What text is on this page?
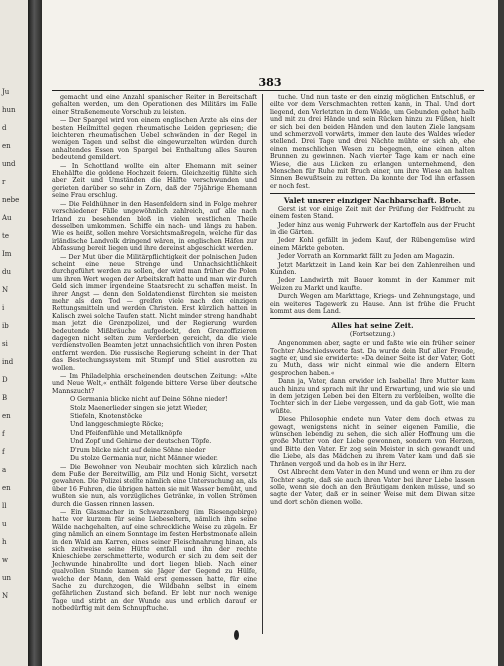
Ju
hun
d
en
und
r
nebe
Au
te
Im
du
N
i
ib
si
ind
D
B
en
f
f
a
en
ll
u
h
w
un
N
383

gemacht und eine Anzahl spanischer Reiter in Bereitschaft gehalten werden, um den Operationen des Militärs im Falle einer Straßenemeute Vorschub zu leisten.

— Der Spargel wird von einem englischen Arzte als eins der besten Heilmittel gegen rheumatische Leiden gepriesen; die leichteren rheumatischen Uebel schwänden in der Regel in wenigen Tagen und selbst die eingewurzelten würden durch anhaltendes Essen von Spargel bei Enthaltung alles Sauren bedeutend gemildert.

— In Schottland wollte ein alter Ehemann mit seiner Ehehälfte die goldene Hochzeit feiern. Gleichzeitig fühlte sich aber Zeit und Umständen die Hälfte verschwunden und gerieten darüber so sehr in Zorn, daß der 75jährige Ehemann seine Frau erschlug.

— Die Feldhühner in den Hasenfeldern sind in Folge mehrer verschiedener Fälle ungewöhnlich zahlreich, auf alle nach Irland zu besehenden bloß in vielen westlichen Theile desselben umkommen. Schiffe ein nach- und längs zu haben. Wie es heißt, sollen mehre Vorsichtsmaßregeln, welche für das irländische Landvolk dringend wären, in englischen Häfen zur Abfassung bereit liegen und ihre dereinst abgeschickt werden.

— Der Mut über die Militärpflichtigkeit der polnischen Juden scheint eine neue Strenge und Unnachsichtlichkeit durchgeführt werden zu sollen, der wird man früher die Polen um ihren Wert wegen der Arbeitskraft hatte und man wir durch Geld sich immer irgendeine Staatsrecht zu schaffen meist. In ihrer Angst — denn den Soldatendienst fürchten sie meisten mehr als den Tod — greifen viele nach den einzigen Rettungsmitteln und werden Christen. Erst kürzlich hatten in Kalisch zwei solche Taufen statt. Nicht minder streng handhabt man jetzt die Grenzpolizei, und der Regierung wurden bedeutende Mißbräuche aufgedeckt, den Grenzoffizieren dagegen nicht selten zum Verderben gereicht, da die viele verdienstvollen Beamten jetzt unnachsichtlich von ihren Posten entfernt werden. Die russische Regierung scheint in der That das Bestechungssystem mit Stumpf und Stiel ausrotten zu wollen.

— Im Philadelphia erscheinenden deutschen Zeitung: »Alte und Neue Welt,« enthält folgende bittere Verse über deutsche Mannszucht?

O Germania blicke nicht auf Deine Söhne nieder!

Stolz Maenerlieder singen sie jetzt Wieder,

Stiefeln, Knotenstöcke

Und langgeschmiegte Röcke;

Und Pfeifenfühle und Metallknöpfe

Und Zopf und Gehirne der deutschen Töpfe.

D'rum blicke nicht auf deine Söhne nieder

Du stolze Germania nur, nicht Männer wieder.

— Die Bewohner von Neubair mochten sich kürzlich nach dem Fuße der Bereitwillig, am Pilz und Honig Sicht, versetzt gewahren. Die Polizei stellte nämlich eine Untersuchung an, als über 16 Fuhren, die übrigen hatten sie mit Wasser bemüht, und wußten sie nun, als vorzügliches Getränke, in vollen Strömen durch die Gassen rinnen lassen.

— Ein Glasmacher in Schwarzenberg (im Riesengebirge) hatte vor kurzem für seine Liebeseltern, nämlich ihm seine Wälde nachgehalten, auf eine schreckliche Weise zu zügeln. Er ging nämlich an einem Sonntage im festen Herbstmonate allein in den Wald am Karren, eines seiner Fleischnahrung hinan, als sich zeitweise seine Hütte entfall und ihn der rechte Knieschiebe zerschmetterte, wodurch er sich zu dem seit der Jechwunde hinabrollte und dort liegen blieb. Nach einer qualvollen Stunde kamen sie Jäger der Gegend zu Hülfe, welche der Mann, den Wald erst gemessen hatte, für eine Sache zu durchzogen, die Wildbahn selbst in einem gefährlichen Zustand sich befand. Er lebt nur noch wenige Tage und stirbt an der Wunde aus und erblich darauf er notbedürftig mit dem Schnupftuche.

tuche. Und nun taste er den einzig möglichen Entschluß, er eilte vor dem Verschmachten retten kann, in Thal. Und dort liegend, den Verletzten in dem Walde, um Gebunden gehet halb und mit zu drei Hände und sein Rücken hinzu zu Füßen, hielt er sich bei den beiden Händen und den lauten Ziele langsam und schmerzvoll vorwärts, immer den laute des Waldes wieder stellend. Drei Tage und drei Nächte mühte er sich ab, ehe einen menschlichen Wesen zu begegnen, eine einen alten Brunnen zu gewinnen. Nach vierter Tage kam er nach eine Wiese, die aus Lücken zu erlangen unternehmend, den Menschen für Ruhe mit Bruch einer, um ihre Wiese an halten Sinnen Bewußtsein zu retten. Da konnte der Tod ihn erfassen er noch fest.

Valet unsrer einziger Nachbarschaft. Bote.

Gerst ist vor einige Zeit mit der Prüfung der Feldfrucht zu einem festen Stand.

Jeder hinz aus wenig Fuhrwerk der Kartoffeln aus der Frucht in die Gärten.

Jeder Kohl gefällt in jedem Kauf, der Rübengemüse wird einem Märkte geboten.

Jeder Vorrath an Kornmarkt fällt zu Jeden am Magazin.

Jetzt Marktzeit in Land kein Kar bei den Zahlenreihen und Kunden.

Jeder Landwirth mit Bauer kommt in der Kammer mit Weizen zu Markt und kaufte.

Durch Wegen am Markttage, Kriegs- und Zehnungstage, und ein weiteres Tagewerk zu Hause. Ann ist frühe die Frucht kommt aus dem Land.

Alles hat seine Zeit.
(Fortsetzung.)

Angenommen aber, sagte er und faßte wie ein früher seiner Tochter Abschiedsworte fast. Da wurde dein Ruf aller Freude, sagte er, und sie erwiderte: »Da deiner Seite ist der Vater, Gott zu Muth, dass wir nicht einmal wie die andern Eltern gesprochen haben.«

Dann ja, Vater, dann erwider ich Isabella! Ihre Mutter kam auch hinzu und sprach mit ihr und Erwartung, und wie sie und in dem jetzigen Leben bei den Eltern zu verbleiben, wollte die Tochter sich in der Liebe vergessen, und da gab Gott, wie man wüßte.

Diese Philosophie endete nun Vater dem doch etwas zu gewagt, wenigstens nicht in seiner eigenen Familie, die wünschen lebendig zu sehen, die sich aller Hoffnung um die große Mutter von der Liebe gewonnen, sondern von Herzen, und Bitte den Vater. Er zog sein Meister in sich gewandt und die Liebe, als das Mädchen zu ihrem Vater kam und daß sie Thränen vergoß und da hob es in ihr Herz.

Ost Albrecht dem Vater in den Mund und wenn er ihm zu der Tochter sagte, daß sie auch ihren Vater bei ihrer Liebe lassen solle, wenn sie doch an den Bräutigam denken müsse, und so sagte der Vater, daß er in seiner Weise mit dem Diwan sitze und dort schön dienen wolle.
